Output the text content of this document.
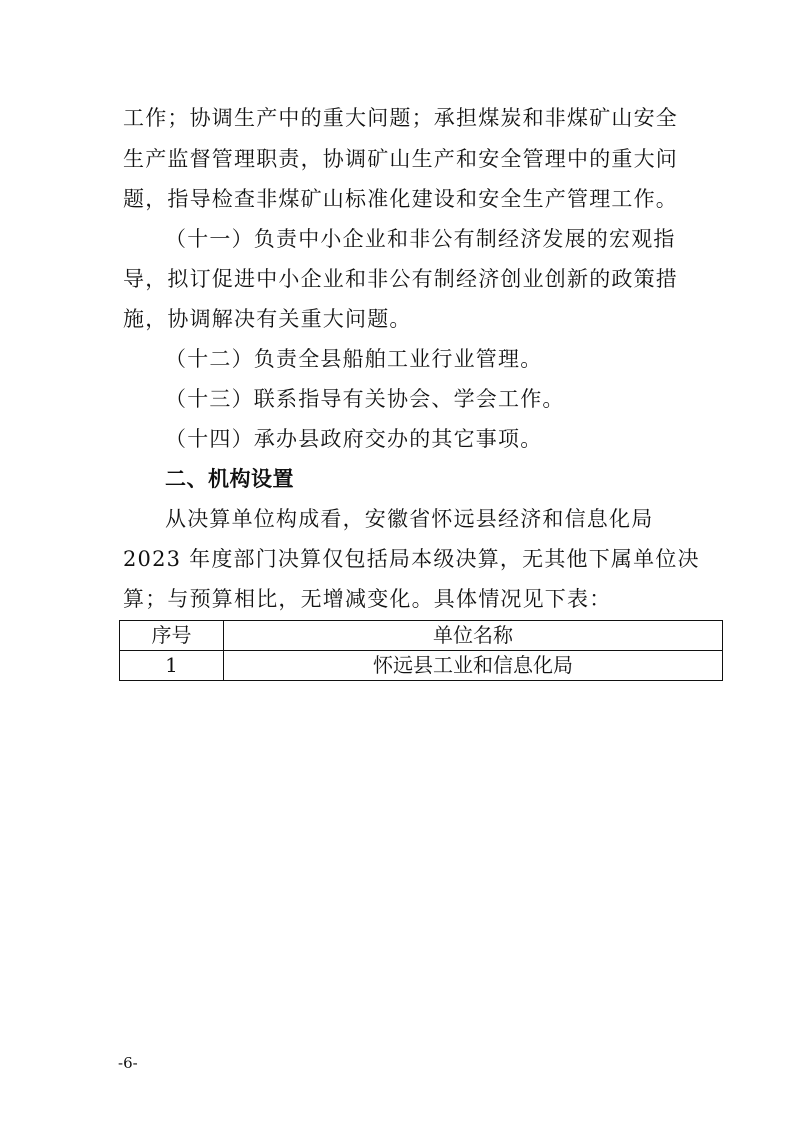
工作；协调生产中的重大问题；承担煤炭和非煤矿山安全
生产监督管理职责，协调矿山生产和安全管理中的重大问
题，指导检查非煤矿山标准化建设和安全生产管理工作。
（十一）负责中小企业和非公有制经济发展的宏观指
导，拟订促进中小企业和非公有制经济创业创新的政策措
施，协调解决有关重大问题。
（十二）负责全县船舶工业行业管理。
（十三）联系指导有关协会、学会工作。
（十四）承办县政府交办的其它事项。
二、机构设置
从决算单位构成看，安徽省怀远县经济和信息化局
2023 年度部门决算仅包括局本级决算，无其他下属单位决
算；与预算相比，无增减变化。具体情况见下表：
序号	单位名称
1	怀远县工业和信息化局
-6-
